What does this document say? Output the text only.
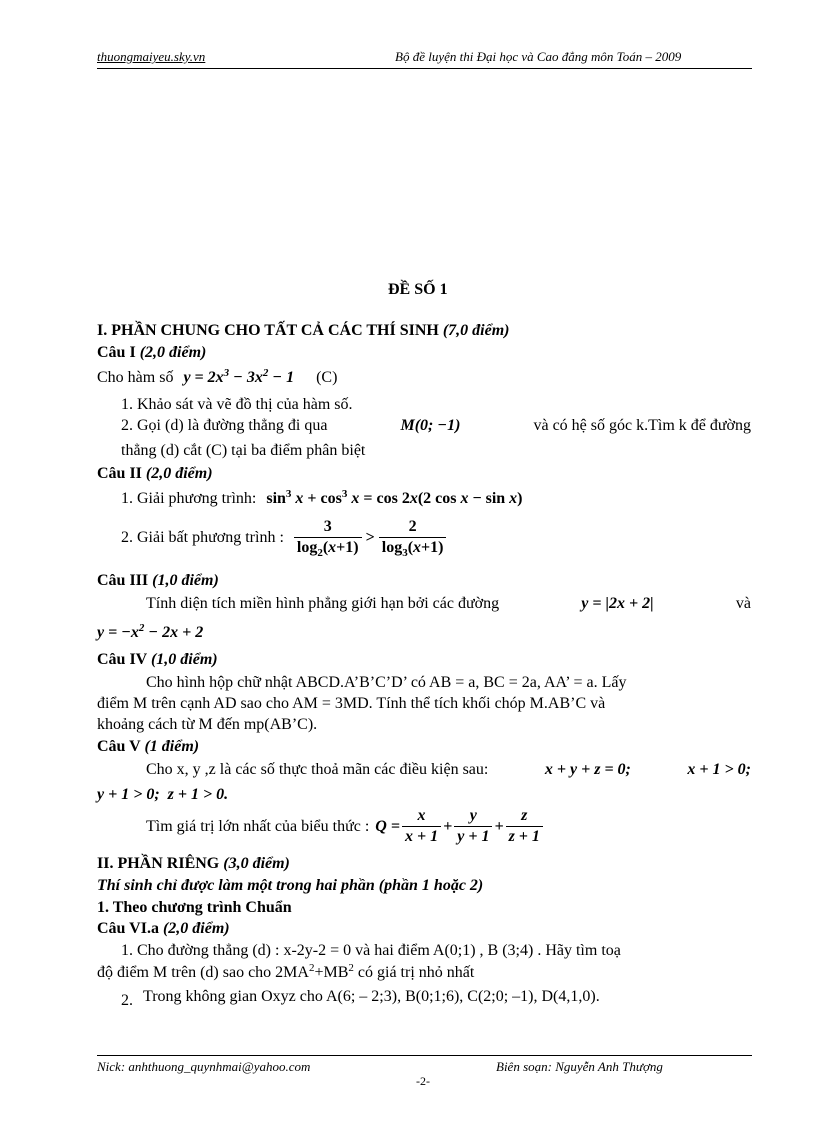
thuongmaiyeu.sky.vn	Bộ đề luyện thi Đại học và Cao đẳng môn Toán – 2009
ĐỀ SỐ 1
I. PHẦN CHUNG CHO TẤT CẢ CÁC THÍ SINH (7,0 điểm)
Câu I (2,0 điểm)
Cho hàm số $y = 2x^3 - 3x^2 - 1$ (C)
1. Khảo sát và vẽ đồ thị của hàm số.
2. Gọi (d) là đường thẳng đi qua	M(0; −1)	và có hệ số góc k.Tìm k để đường
thẳng (d) cắt (C) tại ba điểm phân biệt
Câu II (2,0 điểm)
1. Giải phương trình: $\sin^3 x + \cos^3 x = \cos 2x(2$ cos x − sin x)
2. Giải bất phương trình : $\frac{3}{\log_2(x+1)} > \frac{2}{\log_3(x+1)}$
Câu III (1,0 điểm)
Tính diện tích miền hình phẳng giới hạn bởi các đường	y = |2x + 2|	và
$y = -x^2 - 2x + 2$
Câu IV (1,0 điểm)
Cho hình hộp chữ nhật ABCD.A’B’C’D’ có AB = a, BC = 2a, AA’ = a. Lấy
điểm M trên cạnh AD sao cho AM = 3MD. Tính thể tích khối chóp M.AB’C và
khoảng cách từ M đến mp(AB’C).
Câu V (1 điểm)
Cho x, y ,z là các số thực thoả mãn các điều kiện sau:	x + y + z = 0;	x + 1 > 0;
y + 1 > 0;  z + 1 > 0.
Tìm giá trị lớn nhất của biểu thức : $Q = \frac{x}{x + 1} + \frac{y}{y + 1} + \frac{z}{z + 1}$
II. PHẦN RIÊNG (3,0 điểm)
Thí sinh chỉ được làm một trong hai phần (phần 1 hoặc 2)
1. Theo chương trình Chuẩn
Câu VI.a (2,0 điểm)
1. Cho đường thẳng (d) : x-2y-2 = 0 và hai điểm A(0;1) , B (3;4) . Hãy tìm toạ
độ điểm M trên (d) sao cho $2MA^2+MB^2$ có giá trị nhỏ nhất
2. Trong không gian Oxyz cho A(6; – 2;3), B(0;1;6), C(2;0; –1), D(4,1,0).
Nick: anhthuong_quynhmai@yahoo.com	Biên soạn: Nguyễn Anh Thượng
-2-
